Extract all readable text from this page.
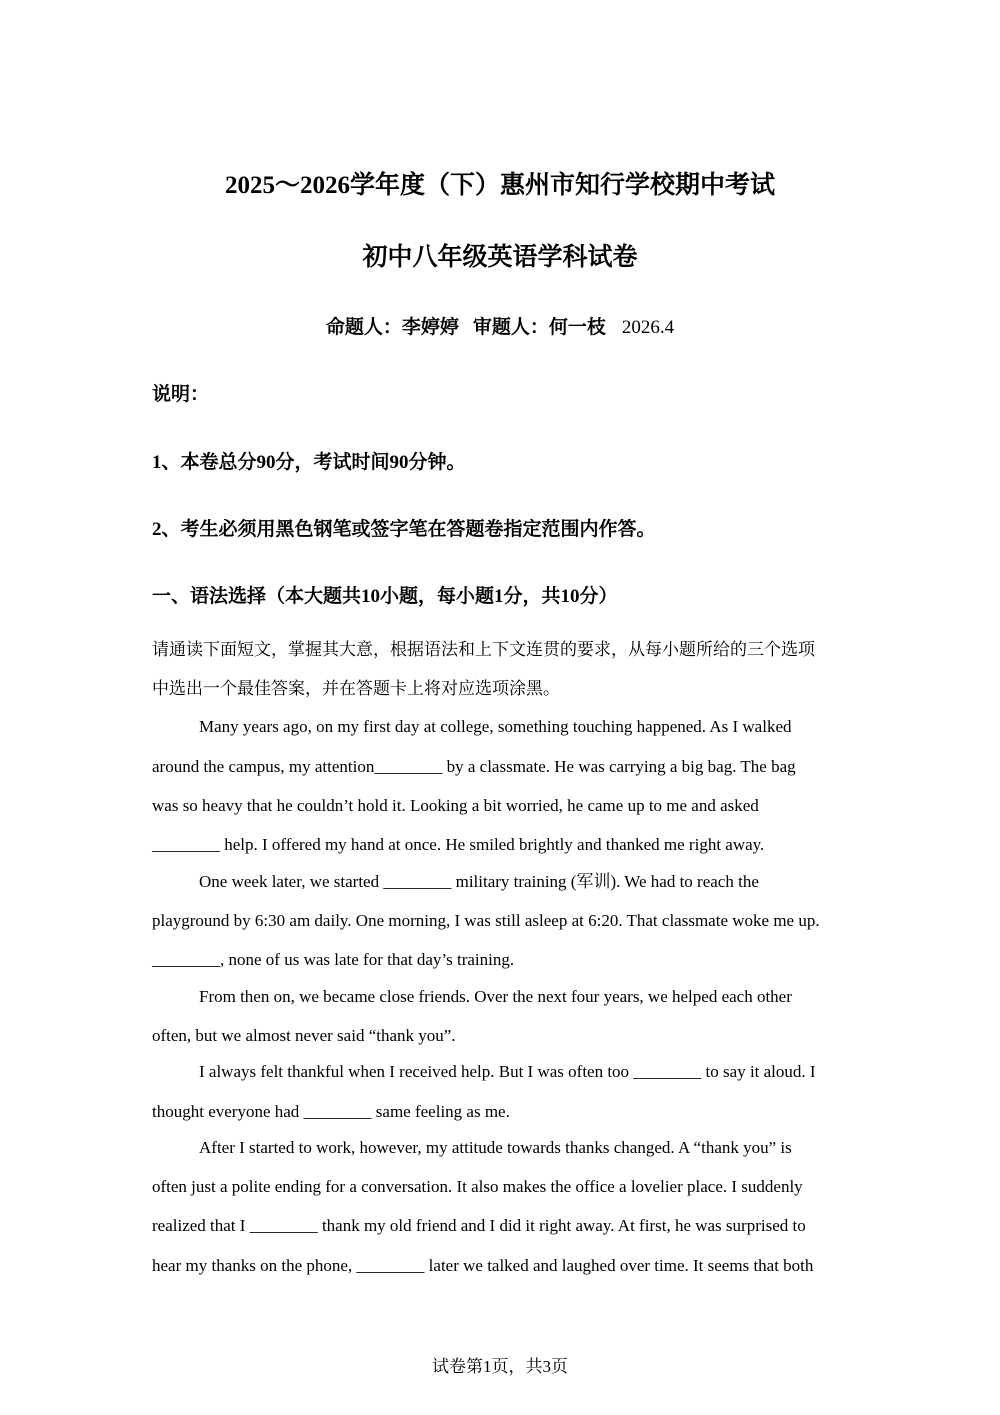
2025～2026学年度（下）惠州市知行学校期中考试
初中八年级英语学科试卷
命题人：李婷婷 审题人：何一枝 2026.4
说明：
1、本卷总分90分，考试时间90分钟。
2、考生必须用黑色钢笔或签字笔在答题卷指定范围内作答。
一、语法选择（本大题共10小题，每小题1分，共10分）
请通读下面短文，掌握其大意，根据语法和上下文连贯的要求，从每小题所给的三个选项
中选出一个最佳答案，并在答题卡上将对应选项涂黑。
Many years ago, on my first day at college, something touching happened. As I walked
around the campus, my attention________ by a classmate. He was carrying a big bag. The bag
was so heavy that he couldn’t hold it. Looking a bit worried, he came up to me and asked
________ help. I offered my hand at once. He smiled brightly and thanked me right away.
One week later, we started ________ military training (军训). We had to reach the
playground by 6:30 am daily. One morning, I was still asleep at 6:20. That classmate woke me up.
________, none of us was late for that day’s training.
From then on, we became close friends. Over the next four years, we helped each other
often, but we almost never said “thank you”.
I always felt thankful when I received help. But I was often too ________ to say it aloud. I
thought everyone had ________ same feeling as me.
After I started to work, however, my attitude towards thanks changed. A “thank you” is
often just a polite ending for a conversation. It also makes the office a lovelier place. I suddenly
realized that I ________ thank my old friend and I did it right away. At first, he was surprised to
hear my thanks on the phone, ________ later we talked and laughed over time. It seems that both
试卷第1页，共3页
